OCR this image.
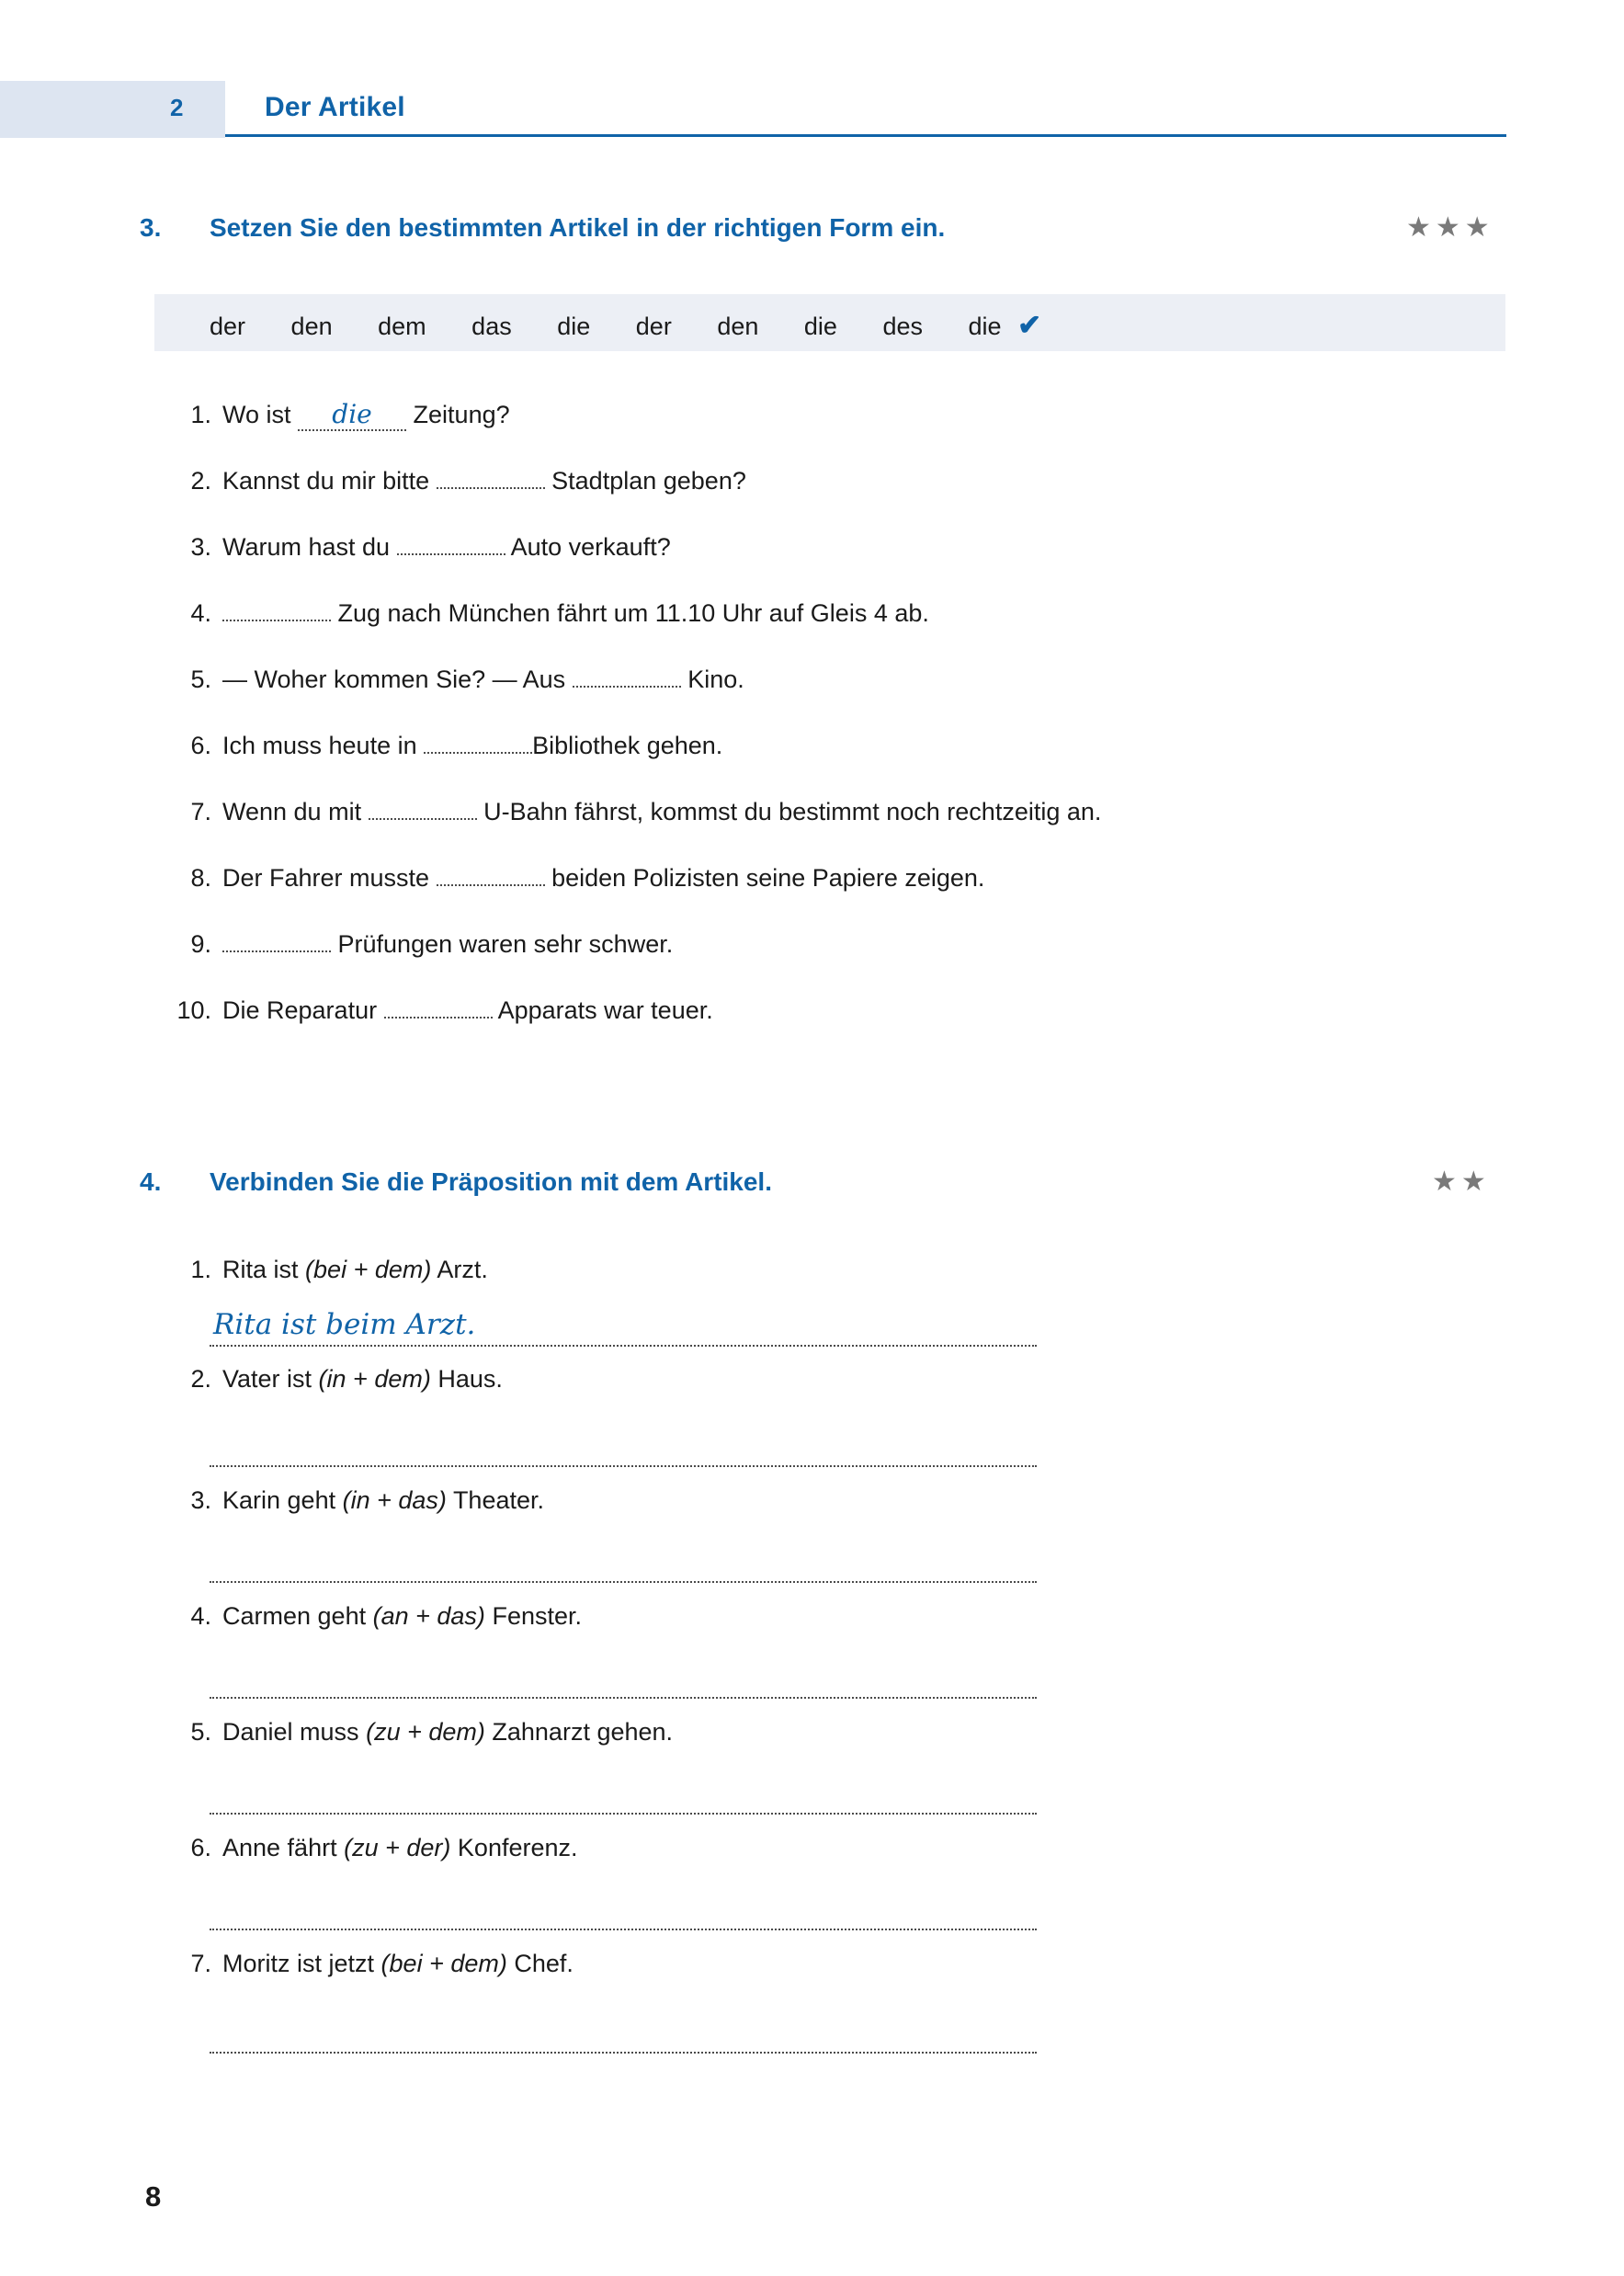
2	Der Artikel
3. Setzen Sie den bestimmten Artikel in der richtigen Form ein.	★★★
der den dem das die der den die des die ✔
1. Wo ist die Zeitung?
2. Kannst du mir bitte	Stadtplan geben?
3. Warum hast du	Auto verkauft?
4.	Zug nach München fährt um 11.10 Uhr auf Gleis 4 ab.
5. — Woher kommen Sie? — Aus	Kino.
6. Ich muss heute in	Bibliothek gehen.
7. Wenn du mit	U-Bahn fährst, kommst du bestimmt noch rechtzeitig an.
8. Der Fahrer musste	beiden Polizisten seine Papiere zeigen.
9.	Prüfungen waren sehr schwer.
10. Die Reparatur	Apparats war teuer.
4. Verbinden Sie die Präposition mit dem Artikel.	★★
1. Rita ist (bei + dem) Arzt.
Rita ist beim Arzt.
2. Vater ist (in + dem) Haus.
3. Karin geht (in + das) Theater.
4. Carmen geht (an + das) Fenster.
5. Daniel muss (zu + dem) Zahnarzt gehen.
6. Anne fährt (zu + der) Konferenz.
7. Moritz ist jetzt (bei + dem) Chef.
8
